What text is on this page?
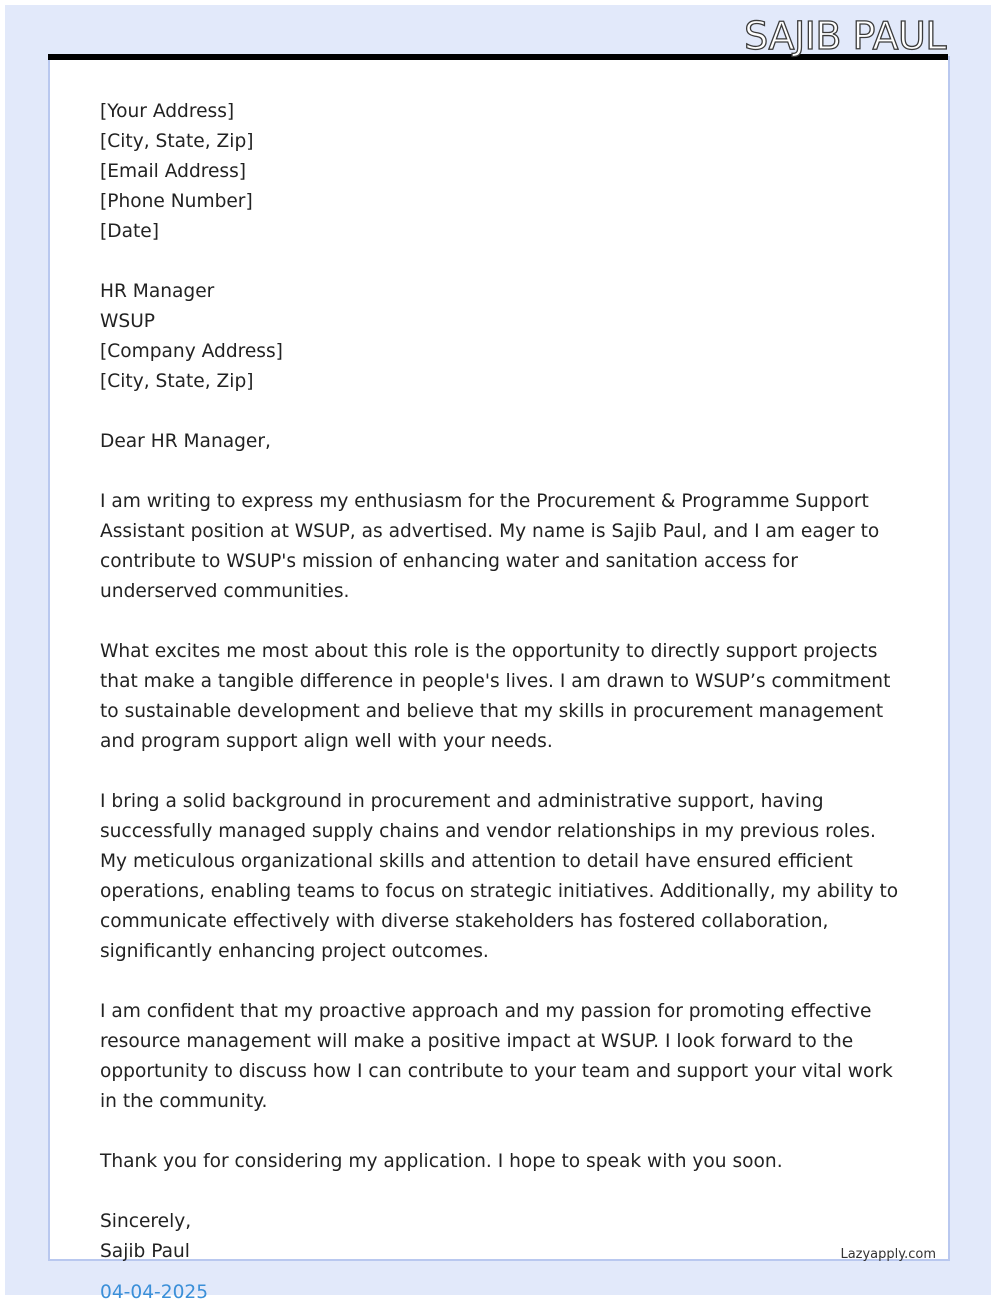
SAJIB PAUL
[Your Address]
[City, State, Zip]
[Email Address]
[Phone Number]
[Date]
HR Manager
WSUP
[Company Address]
[City, State, Zip]
Dear HR Manager,
I am writing to express my enthusiasm for the Procurement & Programme Support Assistant position at WSUP, as advertised. My name is Sajib Paul, and I am eager to contribute to WSUP's mission of enhancing water and sanitation access for underserved communities.
What excites me most about this role is the opportunity to directly support projects that make a tangible difference in people's lives. I am drawn to WSUP’s commitment to sustainable development and believe that my skills in procurement management and program support align well with your needs.
I bring a solid background in procurement and administrative support, having successfully managed supply chains and vendor relationships in my previous roles. My meticulous organizational skills and attention to detail have ensured efficient operations, enabling teams to focus on strategic initiatives. Additionally, my ability to communicate effectively with diverse stakeholders has fostered collaboration, significantly enhancing project outcomes.
I am confident that my proactive approach and my passion for promoting effective resource management will make a positive impact at WSUP. I look forward to the opportunity to discuss how I can contribute to your team and support your vital work in the community.
Thank you for considering my application. I hope to speak with you soon.
Sincerely,
Sajib Paul	Lazyapply.com
04-04-2025
